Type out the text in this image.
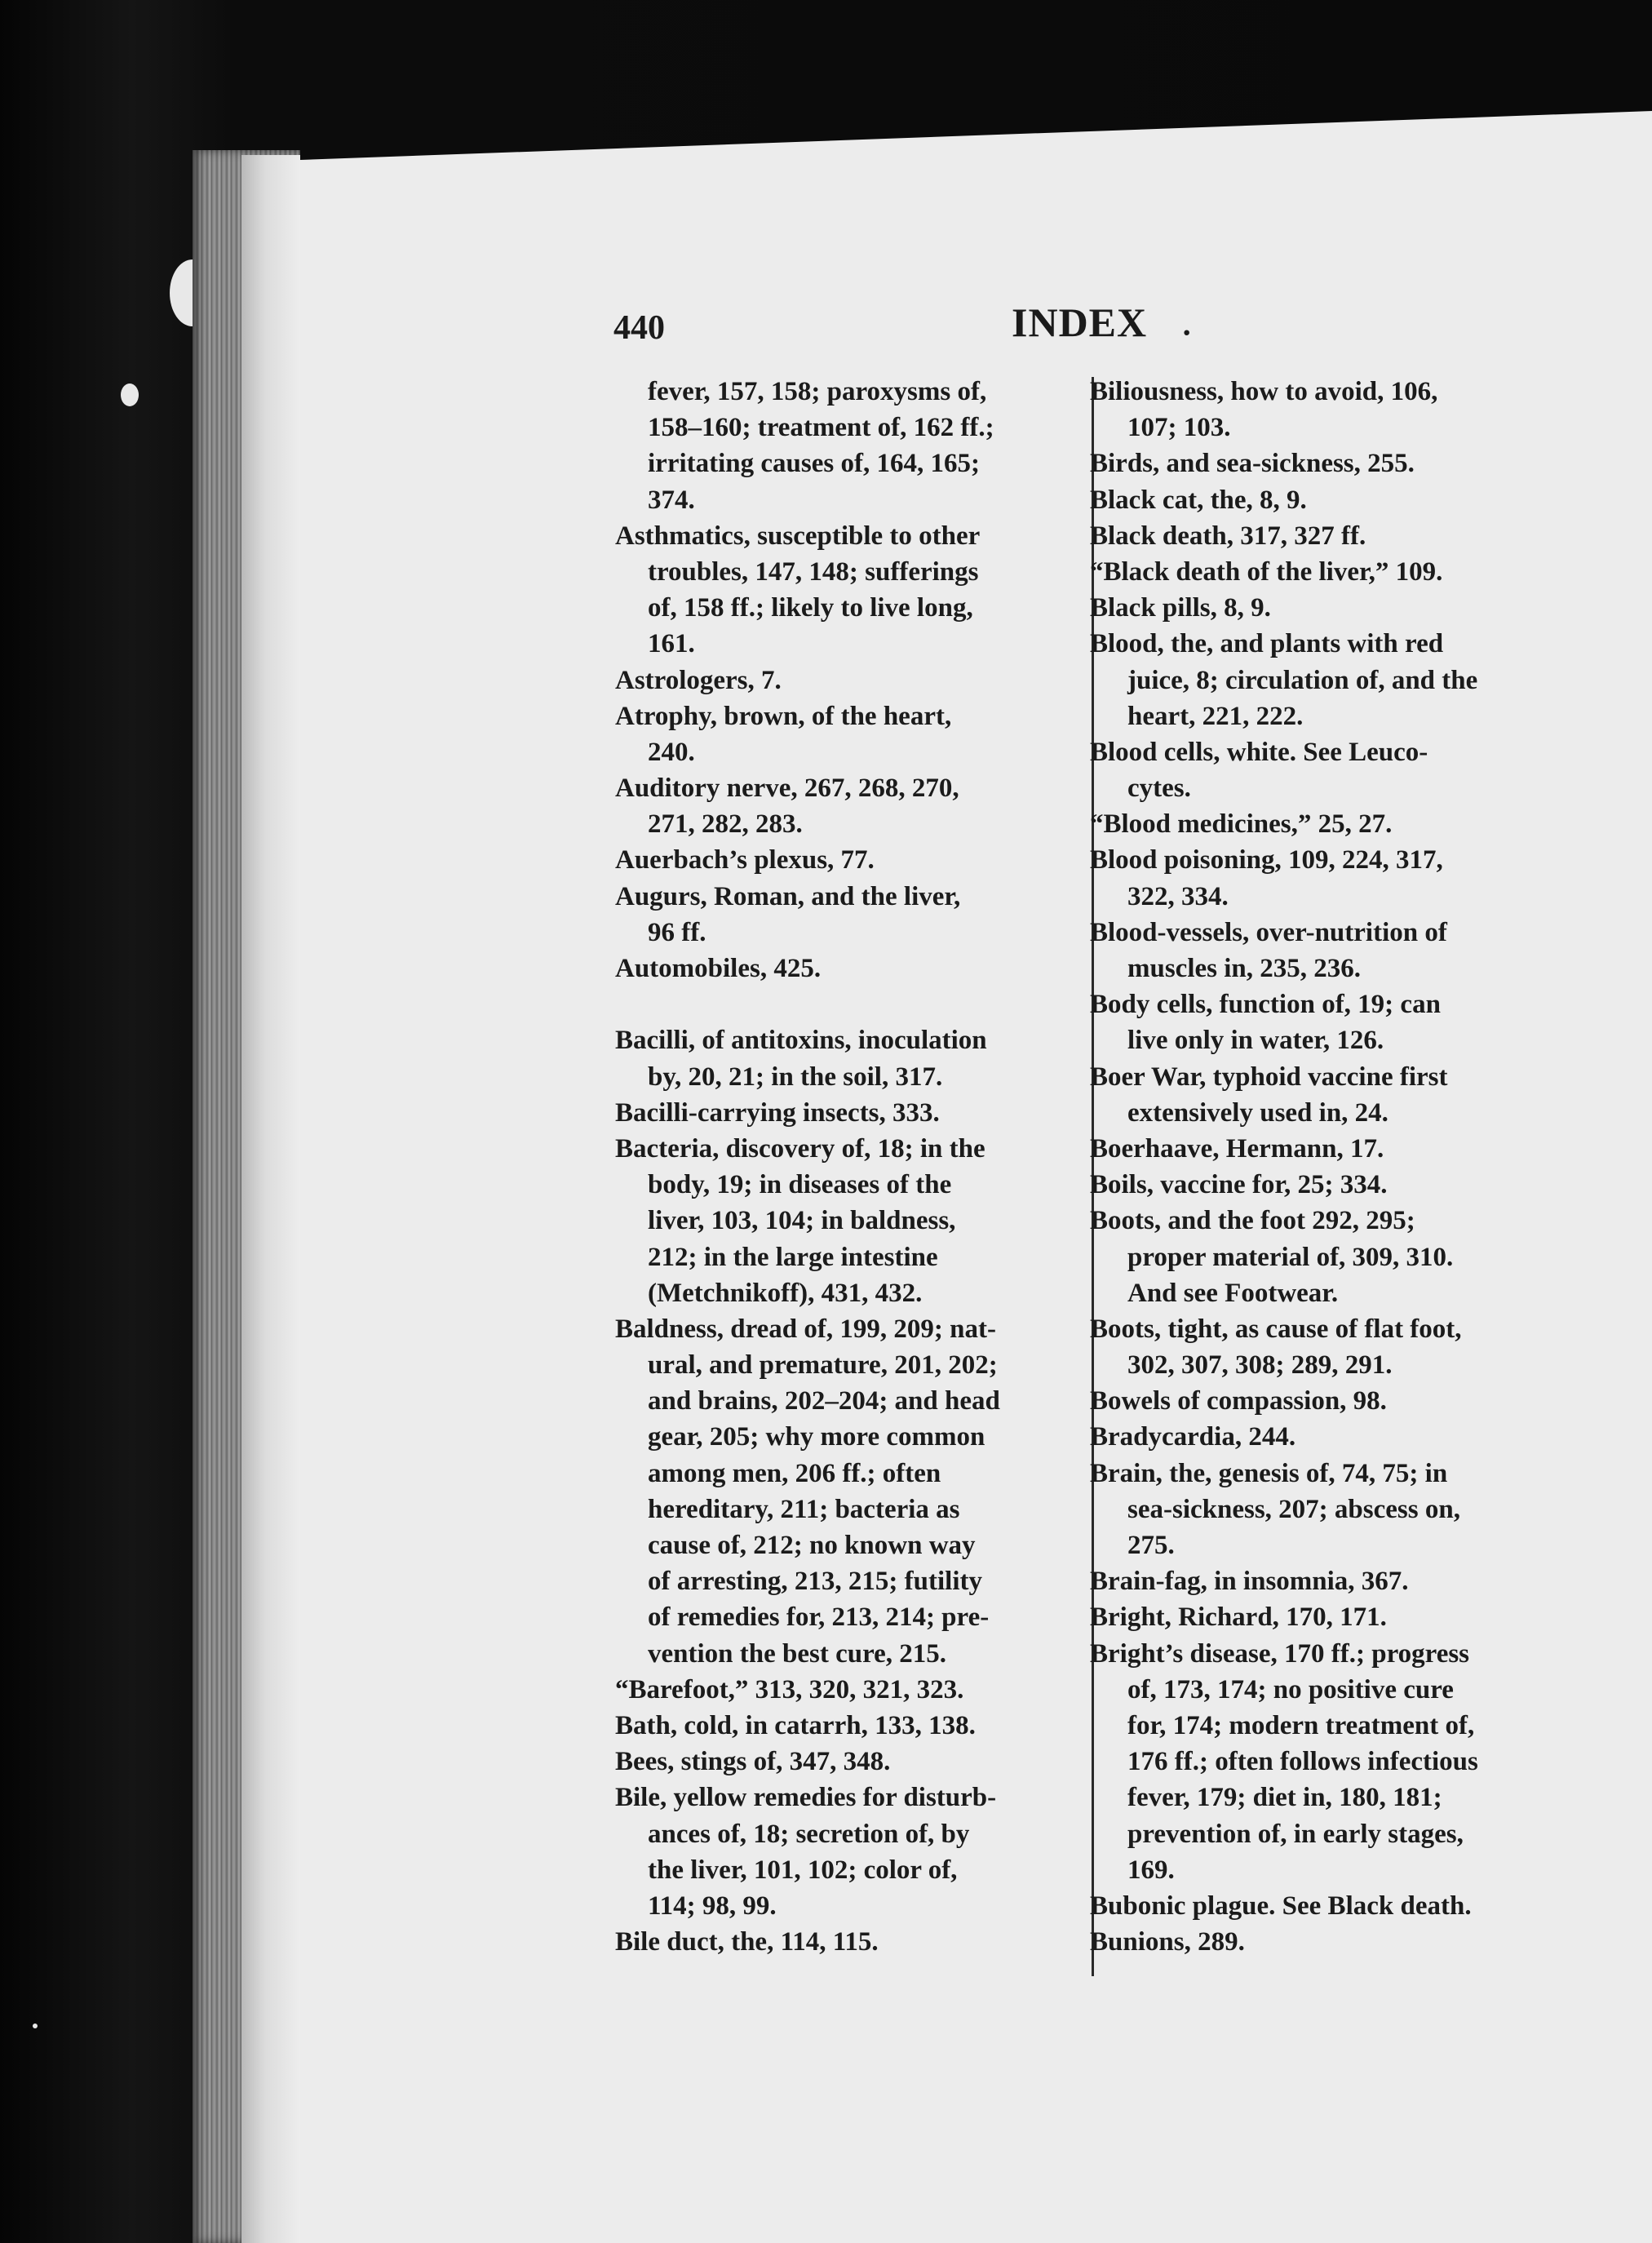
440	INDEX ·
fever, 157, 158; paroxysms of,
158–160; treatment of, 162 ff.;
irritating causes of, 164, 165;
374.
Asthmatics, susceptible to other
troubles, 147, 148; sufferings
of, 158 ff.; likely to live long,
161.
Astrologers, 7.
Atrophy, brown, of the heart,
240.
Auditory nerve, 267, 268, 270,
271, 282, 283.
Auerbach’s plexus, 77.
Augurs, Roman, and the liver,
96 ff.
Automobiles, 425.
Bacilli, of antitoxins, inoculation
by, 20, 21; in the soil, 317.
Bacilli-carrying insects, 333.
Bacteria, discovery of, 18; in the
body, 19; in diseases of the
liver, 103, 104; in baldness,
212; in the large intestine
(Metchnikoff), 431, 432.
Baldness, dread of, 199, 209; nat-
ural, and premature, 201, 202;
and brains, 202–204; and head
gear, 205; why more common
among men, 206 ff.; often
hereditary, 211; bacteria as
cause of, 212; no known way
of arresting, 213, 215; futility
of remedies for, 213, 214; pre-
vention the best cure, 215.
“Barefoot,” 313, 320, 321, 323.
Bath, cold, in catarrh, 133, 138.
Bees, stings of, 347, 348.
Bile, yellow remedies for disturb-
ances of, 18; secretion of, by
the liver, 101, 102; color of,
114; 98, 99.
Bile duct, the, 114, 115.
Biliousness, how to avoid, 106,
107; 103.
Birds, and sea-sickness, 255.
Black cat, the, 8, 9.
Black death, 317, 327 ff.
“Black death of the liver,” 109.
Black pills, 8, 9.
Blood, the, and plants with red
juice, 8; circulation of, and the
heart, 221, 222.
Blood cells, white. See Leuco-
cytes.
“Blood medicines,” 25, 27.
Blood poisoning, 109, 224, 317,
322, 334.
Blood-vessels, over-nutrition of
muscles in, 235, 236.
Body cells, function of, 19; can
live only in water, 126.
Boer War, typhoid vaccine first
extensively used in, 24.
Boerhaave, Hermann, 17.
Boils, vaccine for, 25; 334.
Boots, and the foot 292, 295;
proper material of, 309, 310.
And see Footwear.
Boots, tight, as cause of flat foot,
302, 307, 308; 289, 291.
Bowels of compassion, 98.
Bradycardia, 244.
Brain, the, genesis of, 74, 75; in
sea-sickness, 207; abscess on,
275.
Brain-fag, in insomnia, 367.
Bright, Richard, 170, 171.
Bright’s disease, 170 ff.; progress
of, 173, 174; no positive cure
for, 174; modern treatment of,
176 ff.; often follows infectious
fever, 179; diet in, 180, 181;
prevention of, in early stages,
169.
Bubonic plague. See Black death.
Bunions, 289.
